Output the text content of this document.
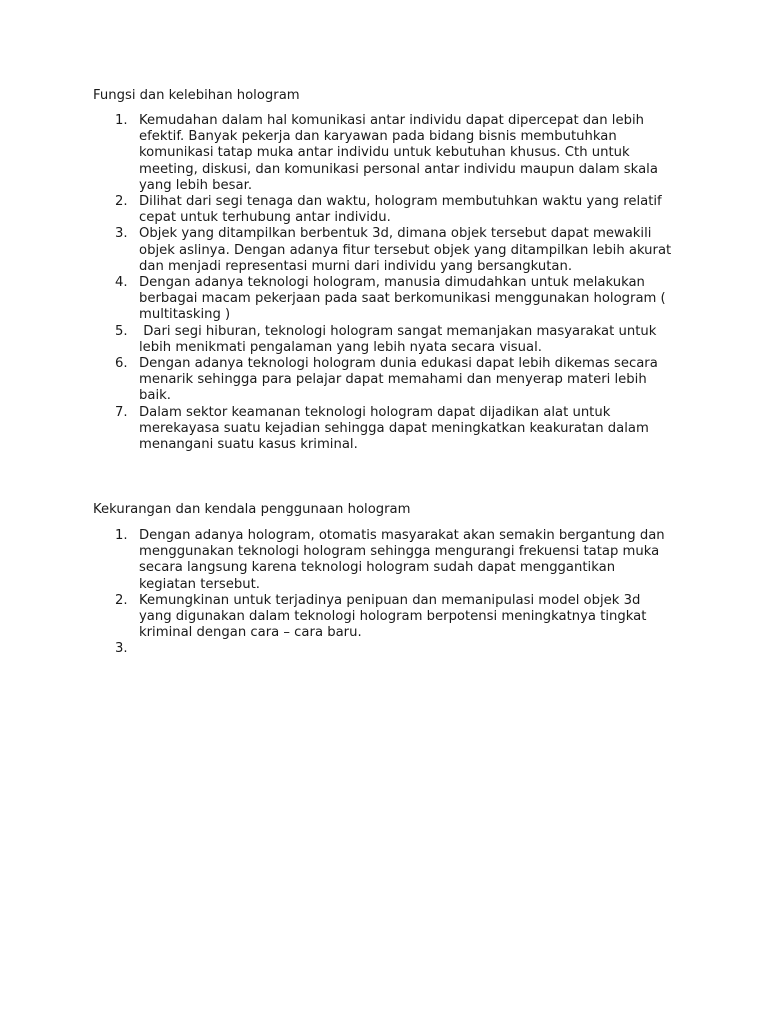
Fungsi dan kelebihan hologram
1. Kemudahan dalam hal komunikasi antar individu dapat dipercepat dan lebih efektif. Banyak pekerja dan karyawan pada bidang bisnis membutuhkan komunikasi tatap muka antar individu untuk kebutuhan khusus. Cth untuk meeting, diskusi, dan komunikasi personal antar individu maupun dalam skala yang lebih besar.
2. Dilihat dari segi tenaga dan waktu, hologram membutuhkan waktu yang relatif cepat untuk terhubung antar individu.
3. Objek yang ditampilkan berbentuk 3d, dimana objek tersebut dapat mewakili objek aslinya. Dengan adanya fitur tersebut objek yang ditampilkan lebih akurat dan menjadi representasi murni dari individu yang bersangkutan.
4. Dengan adanya teknologi hologram, manusia dimudahkan untuk melakukan berbagai macam pekerjaan pada saat berkomunikasi menggunakan hologram ( multitasking )
5. Dari segi hiburan, teknologi hologram sangat memanjakan masyarakat untuk lebih menikmati pengalaman yang lebih nyata secara visual.
6. Dengan adanya teknologi hologram dunia edukasi dapat lebih dikemas secara menarik sehingga para pelajar dapat memahami dan menyerap materi lebih baik.
7. Dalam sektor keamanan teknologi hologram dapat dijadikan alat untuk merekayasa suatu kejadian sehingga dapat meningkatkan keakuratan dalam menangani suatu kasus kriminal.
Kekurangan dan kendala penggunaan hologram
1. Dengan adanya hologram, otomatis masyarakat akan semakin bergantung dan menggunakan teknologi hologram sehingga mengurangi frekuensi tatap muka secara langsung karena teknologi hologram sudah dapat menggantikan kegiatan tersebut.
2. Kemungkinan untuk terjadinya penipuan dan memanipulasi model objek 3d yang digunakan dalam teknologi hologram berpotensi meningkatnya tingkat kriminal dengan cara – cara baru.
3.
